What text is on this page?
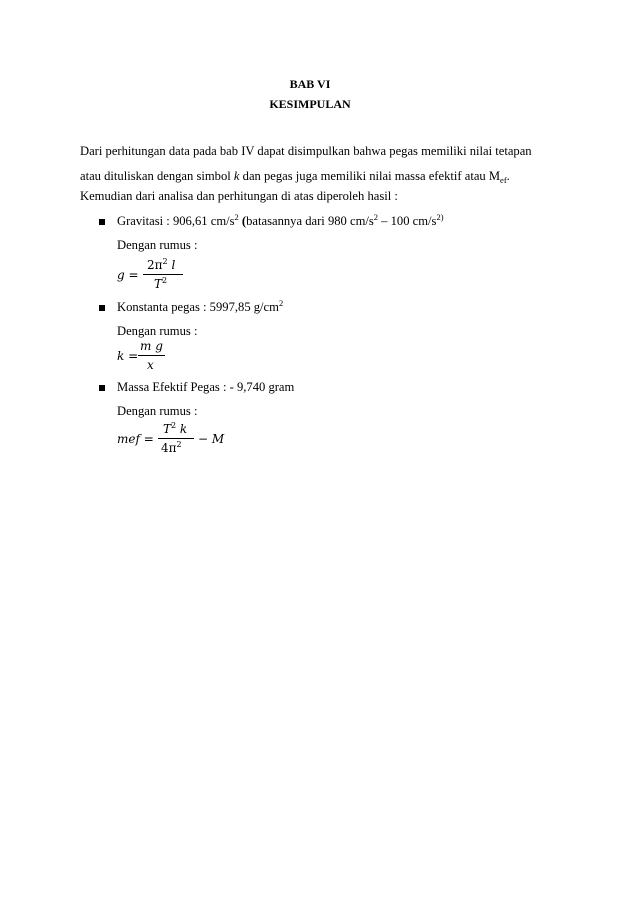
BAB VI
KESIMPULAN
Dari perhitungan data pada bab IV dapat disimpulkan bahwa pegas memiliki nilai tetapan
atau dituliskan dengan simbol k dan pegas juga memiliki nilai massa efektif atau $M_{ef}$.
Kemudian dari analisa dan perhitungan di atas diperoleh hasil :
Gravitasi : 906,61 $cm/s^2$ (batasannya dari 980 $cm/s^2 - 100$ $cm/s^{2)}$
Dengan rumus :
g =
$2\pi^2$ l
$T^2$
Konstanta pegas : 5997,85 $g/cm^2$
Dengan rumus :
k =
m g
x
Massa Efektif Pegas : - 9,740 gram
Dengan rumus :
mef =
$T^2$ k
$4\pi^2 - M$
